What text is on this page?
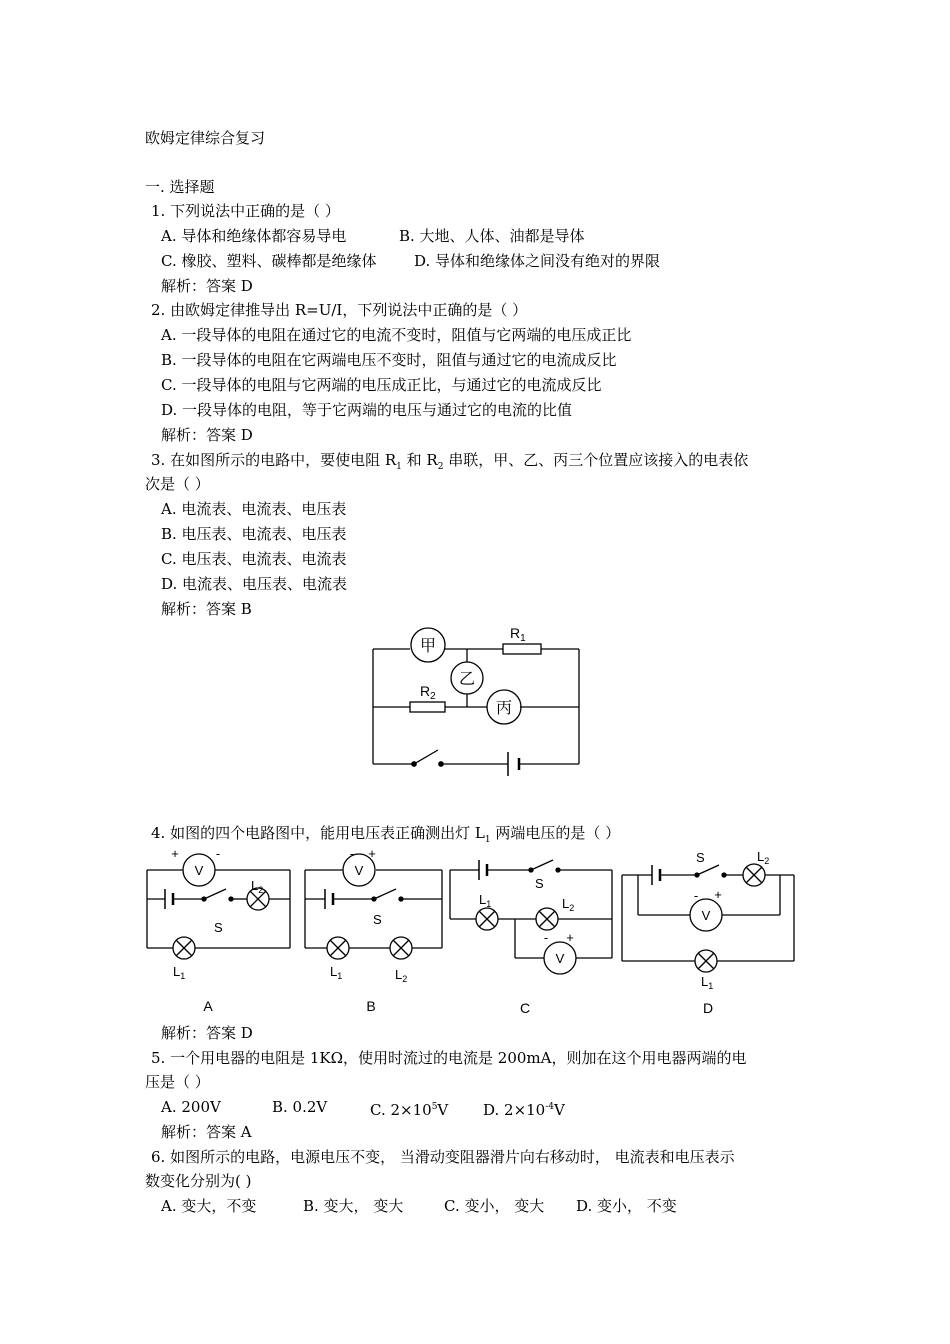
欧姆定律综合复习
一. 选择题
1. 下列说法中正确的是（ ）
A. 导体和绝缘体都容易导电	B. 大地、人体、油都是导体
C. 橡胶、塑料、碳棒都是绝缘体	D. 导体和绝缘体之间没有绝对的界限
解析：答案 D
2. 由欧姆定律推导出 R=U/I，下列说法中正确的是（ ）
A. 一段导体的电阻在通过它的电流不变时，阻值与它两端的电压成正比
B. 一段导体的电阻在它两端电压不变时，阻值与通过它的电流成反比
C. 一段导体的电阻与它两端的电压成正比，与通过它的电流成反比
D. 一段导体的电阻，等于它两端的电压与通过它的电流的比值
解析：答案 D
3. 在如图所示的电路中，要使电阻 $R_1$ 和 $R_2$ 串联，甲、乙、丙三个位置应该接入的电表依
次是（ ）
A. 电流表、电流表、电压表
B. 电压表、电流表、电压表
C. 电压表、电流表、电流表
D. 电流表、电压表、电流表
解析：答案 B
甲
乙
丙
$R_1$
$R_2$
4. 如图的四个电路图中，能用电压表正确测出灯 $L_1$ 两端电压的是（ ）
V
+	-
S
$L_2$
$L_1$
A
V
- +
S
$L_1$	$L_2$
B
V
- +
S
$L_1$	$L_2$
C
V
- +
S	$L_2$
$L_1$
D
解析：答案 D
5. 一个用电器的电阻是 1KΩ，使用时流过的电流是 200mA，则加在这个用电器两端的电
压是（ ）
A. 200V	B. 0.2V	C. $2\times 10^5V$ D. $2\times 10^{-4}V$
解析：答案 A
6. 如图所示的电路，电源电压不变， 当滑动变阻器滑片向右移动时， 电流表和电压表示
数变化分别为( )
A. 变大，不变	B. 变大， 变大	C. 变小， 变大 D. 变小， 不变
